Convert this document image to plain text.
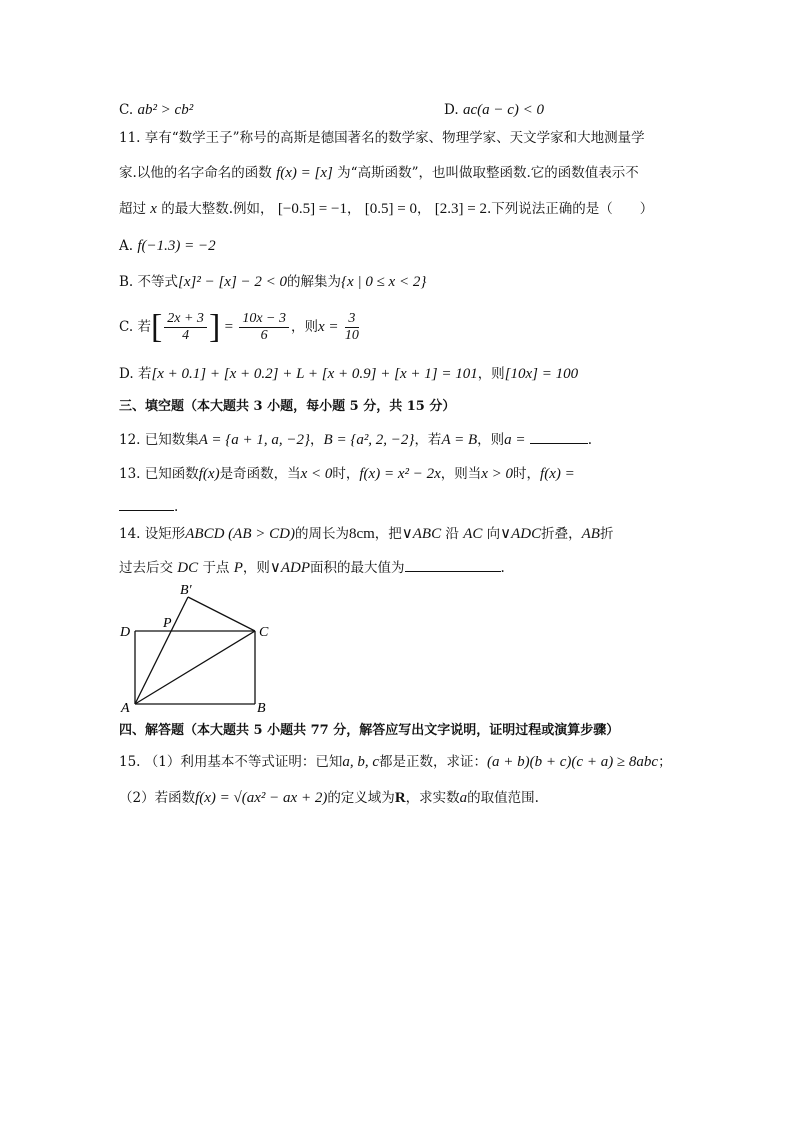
C. ab² > cb²	D. ac(a − c) < 0
11. 享有“数学王子”称号的高斯是德国著名的数学家、物理学家、天文学家和大地测量学
家.以他的名字命名的函数 f(x) = [x] 为“高斯函数”，也叫做取整函数.它的函数值表示不
超过 x 的最大整数.例如， [−0.5] = −1， [0.5] = 0， [2.3] = 2.下列说法正确的是（　　）
A. f(−1.3) = −2
B. 不等式[x]² − [x] − 2 < 0的解集为{x | 0 ≤ x < 2}
C. 若[ $\frac{2x + 3}{4}$ ] = $\frac{10x - 3}{6}$ ，则$x = \frac{3}{10}$
D. 若[x + 0.1] + [x + 0.2] + L + [x + 0.9] + [x + 1] = 101，则[10x] = 100
三、填空题（本大题共 3 小题，每小题 5 分，共 15 分）
12. 已知数集A = {a + 1, a, −2}，B = {a², 2, −2}，若A = B，则a =	.
13. 已知函数f(x)是奇函数，当x < 0时，f(x) = x² − 2x，则当x > 0时，f(x) =
.
14. 设矩形ABCD (AB > CD)的周长为8cm，把∨ABC 沿 AC 向∨ADC折叠，AB折
过去后交 DC 于点 P，则∨ADP面积的最大值为	.
B′
D
P
C
A	B
四、解答题（本大题共 5 小题共 77 分，解答应写出文字说明，证明过程或演算步骤）
15. （1）利用基本不等式证明：已知a, b, c都是正数，求证：(a + b)(b + c)(c + a) ≥ 8abc；
（2）若函数f(x) = √(ax² − ax + 2)的定义域为R，求实数a的取值范围.
